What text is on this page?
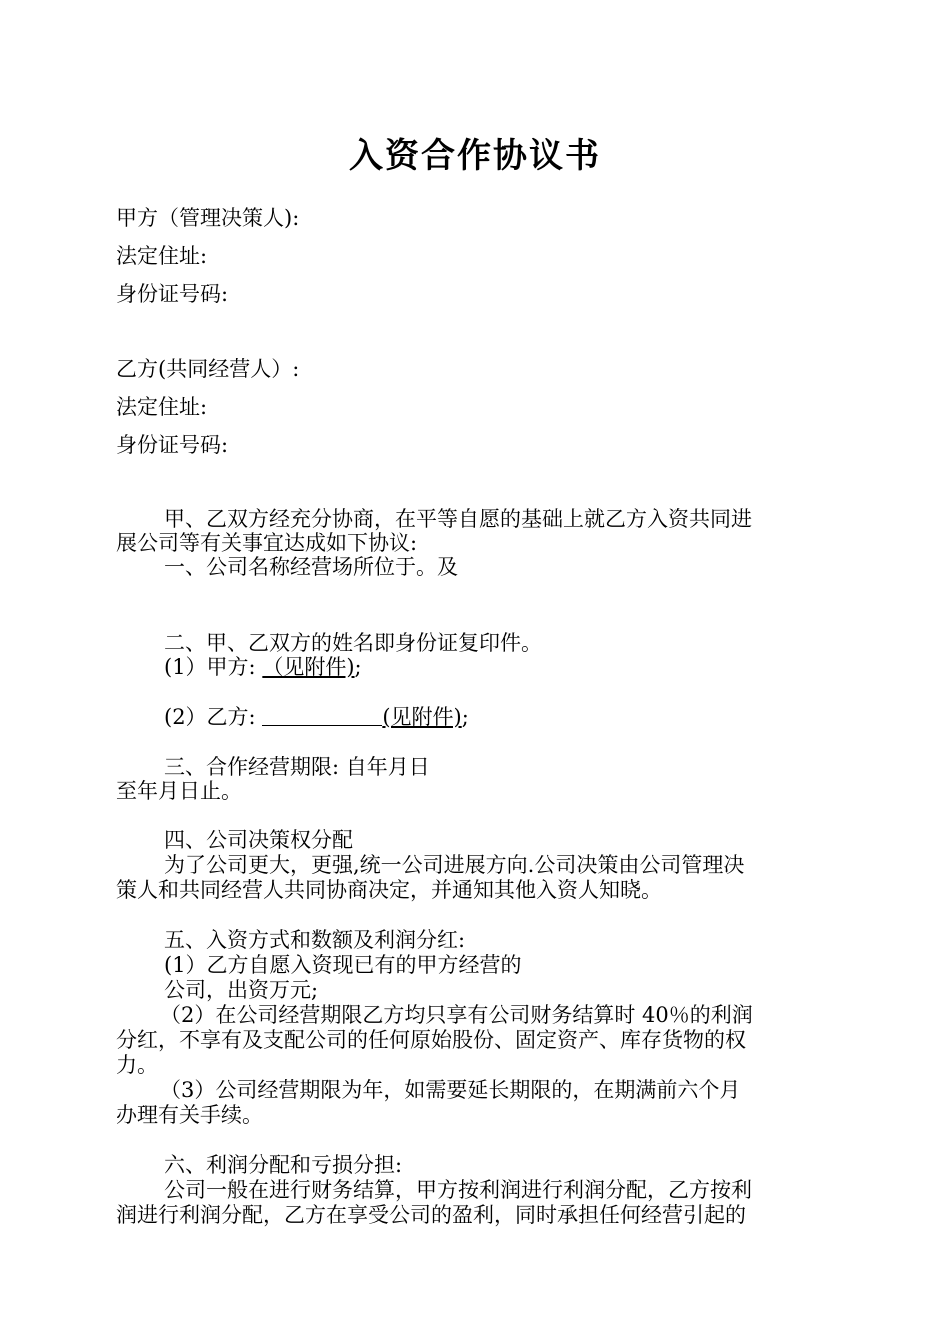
入资合作协议书
甲方（管理决策人):
法定住址:
身份证号码:
乙方(共同经营人）:
法定住址:
身份证号码:
甲、乙双方经充分协商，在平等自愿的基础上就乙方入资共同进
展公司等有关事宜达成如下协议:
一、公司名称经营场所位于。及
二、甲、乙双方的姓名即身份证复印件。
(1）甲方: （见附件);
(2）乙方:	(见附件);
三、合作经营期限: 自年月日
至年月日止。
四、公司决策权分配
为了公司更大，更强,统一公司进展方向.公司决策由公司管理决
策人和共同经营人共同协商决定，并通知其他入资人知晓。
五、入资方式和数额及利润分红:
(1）乙方自愿入资现已有的甲方经营的
公司，出资万元;
（2）在公司经营期限乙方均只享有公司财务结算时 40％的利润
分红，不享有及支配公司的任何原始股份、固定资产、库存货物的权
力。
（3）公司经营期限为年，如需要延长期限的，在期满前六个月
办理有关手续。
六、利润分配和亏损分担:
公司一般在进行财务结算，甲方按利润进行利润分配，乙方按利
润进行利润分配，乙方在享受公司的盈利，同时承担任何经营引起的
